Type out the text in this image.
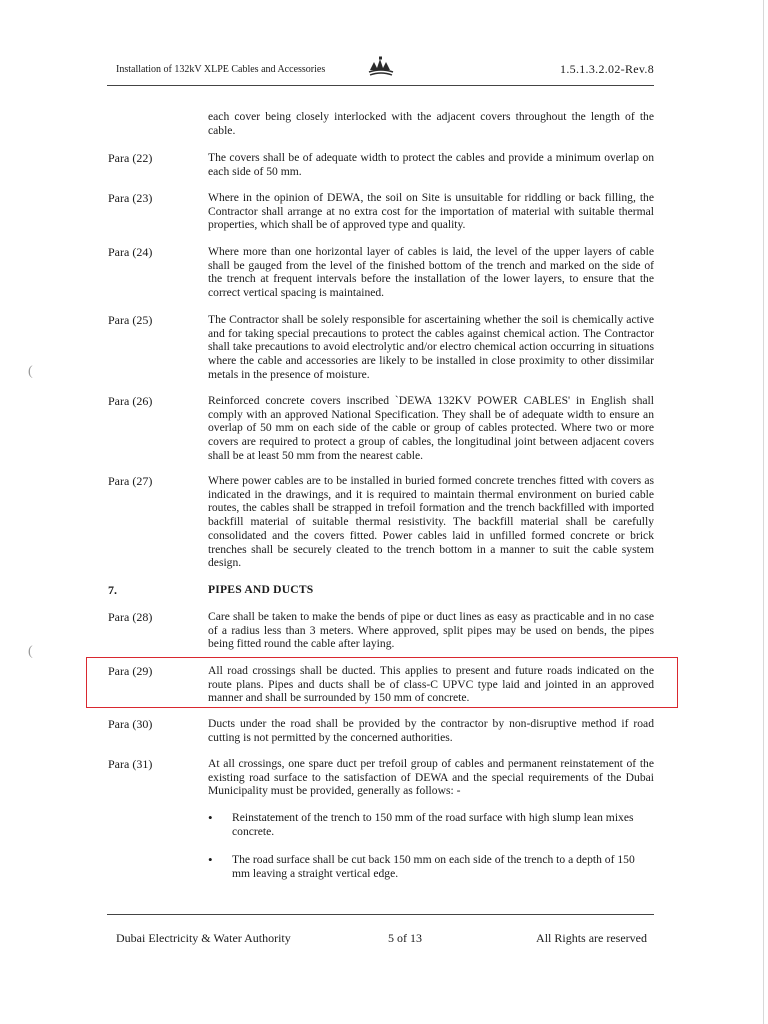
Installation of 132kV XLPE Cables and Accessories	1.5.1.3.2.02-Rev.8
each cover being closely interlocked with the adjacent covers throughout the length of the cable.
Para (22)	The covers shall be of adequate width to protect the cables and provide a minimum overlap on each side of 50 mm.
Para (23)	Where in the opinion of DEWA, the soil on Site is unsuitable for riddling or back filling, the Contractor shall arrange at no extra cost for the importation of material with suitable thermal properties, which shall be of approved type and quality.
Para (24)	Where more than one horizontal layer of cables is laid, the level of the upper layers of cable shall be gauged from the level of the finished bottom of the trench and marked on the side of the trench at frequent intervals before the installation of the lower layers, to ensure that the correct vertical spacing is maintained.
Para (25)	The Contractor shall be solely responsible for ascertaining whether the soil is chemically active and for taking special precautions to protect the cables against chemical action. The Contractor shall take precautions to avoid electrolytic and/or electro chemical action occurring in situations where the cable and accessories are likely to be installed in close proximity to other dissimilar metals in the presence of moisture.
Para (26)	Reinforced concrete covers inscribed `DEWA 132KV POWER CABLES' in English shall comply with an approved National Specification. They shall be of adequate width to ensure an overlap of 50 mm on each side of the cable or group of cables protected. Where two or more covers are required to protect a group of cables, the longitudinal joint between adjacent covers shall be at least 50 mm from the nearest cable.
Para (27)	Where power cables are to be installed in buried formed concrete trenches fitted with covers as indicated in the drawings, and it is required to maintain thermal environment on buried cable routes, the cables shall be strapped in trefoil formation and the trench backfilled with imported backfill material of suitable thermal resistivity. The backfill material shall be carefully consolidated and the covers fitted. Power cables laid in unfilled formed concrete or brick trenches shall be securely cleated to the trench bottom in a manner to suit the cable system design.
7.	PIPES AND DUCTS
Para (28)	Care shall be taken to make the bends of pipe or duct lines as easy as practicable and in no case of a radius less than 3 meters. Where approved, split pipes may be used on bends, the pipes being fitted round the cable after laying.
Para (29)	All road crossings shall be ducted. This applies to present and future roads indicated on the route plans. Pipes and ducts shall be of class-C UPVC type laid and jointed in an approved manner and shall be surrounded by 150 mm of concrete.
Para (30)	Ducts under the road shall be provided by the contractor by non-disruptive method if road cutting is not permitted by the concerned authorities.
Para (31)	At all crossings, one spare duct per trefoil group of cables and permanent reinstatement of the existing road surface to the satisfaction of DEWA and the special requirements of the Dubai Municipality must be provided, generally as follows: -
• Reinstatement of the trench to 150 mm of the road surface with high slump lean mixes concrete.
• The road surface shall be cut back 150 mm on each side of the trench to a depth of 150 mm leaving a straight vertical edge.
Dubai Electricity & Water Authority	5 of 13	All Rights are reserved
(
(
